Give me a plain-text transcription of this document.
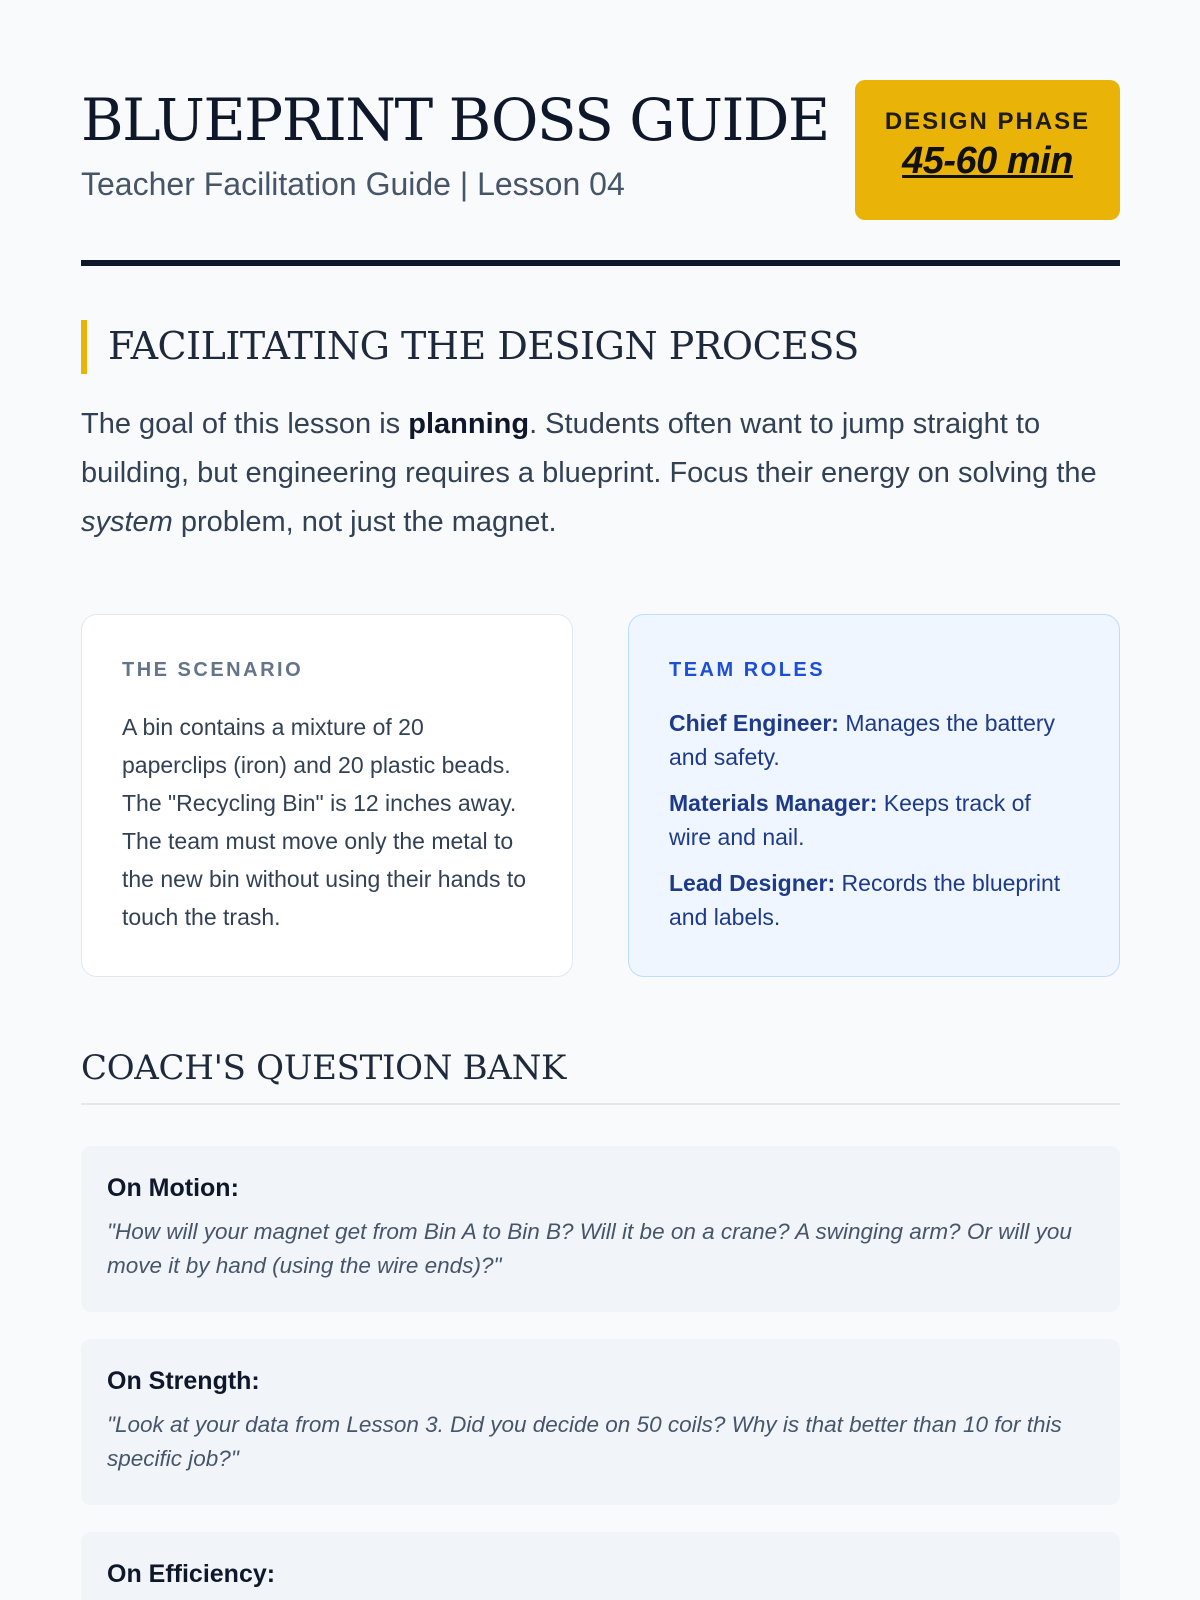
BLUEPRINT BOSS GUIDE
Teacher Facilitation Guide | Lesson 04
DESIGN PHASE
45-60 min
FACILITATING THE DESIGN PROCESS

The goal of this lesson is planning. Students often want to jump straight to building, but engineering requires a blueprint. Focus their energy on solving the system problem, not just the magnet.

THE SCENARIO
A bin contains a mixture of 20 paperclips (iron) and 20 plastic beads. The "Recycling Bin" is 12 inches away. The team must move only the metal to the new bin without using their hands to touch the trash.
TEAM ROLES
Chief Engineer: Manages the battery and safety.
Materials Manager: Keeps track of wire and nail.
Lead Designer: Records the blueprint and labels.
COACH'S QUESTION BANK
On Motion:
"How will your magnet get from Bin A to Bin B? Will it be on a crane? A swinging arm? Or will you move it by hand (using the wire ends)?"
On Strength:
"Look at your data from Lesson 3. Did you decide on 50 coils? Why is that better than 10 for this specific job?"
On Efficiency:
